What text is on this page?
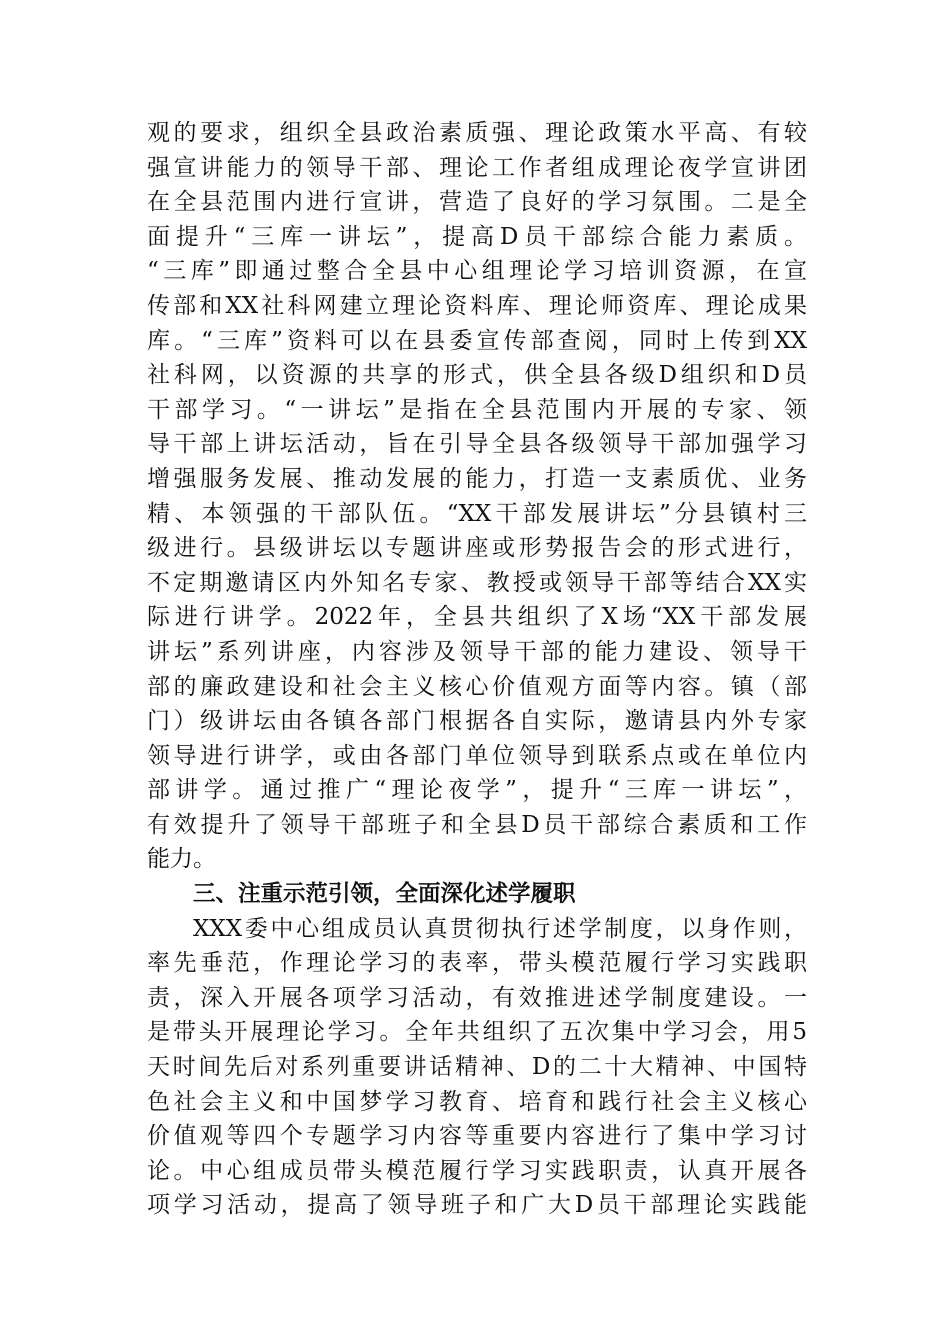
观的要求，组织全县政治素质强、理论政策水平高、有较
强宣讲能力的领导干部、理论工作者组成理论夜学宣讲团
在全县范围内进行宣讲，营造了良好的学习氛围。二是全
面提升“三库一讲坛”，提高D员干部综合能力素质。
“三库”即通过整合全县中心组理论学习培训资源，在宣
传部和XX社科网建立理论资料库、理论师资库、理论成果
库。“三库”资料可以在县委宣传部查阅，同时上传到XX
社科网，以资源的共享的形式，供全县各级D组织和D员
干部学习。“一讲坛”是指在全县范围内开展的专家、领
导干部上讲坛活动，旨在引导全县各级领导干部加强学习
增强服务发展、推动发展的能力，打造一支素质优、业务
精、本领强的干部队伍。“XX干部发展讲坛”分县镇村三
级进行。县级讲坛以专题讲座或形势报告会的形式进行，
不定期邀请区内外知名专家、教授或领导干部等结合XX实
际进行讲学。2022年，全县共组织了X场“XX干部发展
讲坛”系列讲座，内容涉及领导干部的能力建设、领导干
部的廉政建设和社会主义核心价值观方面等内容。镇（部
门）级讲坛由各镇各部门根据各自实际，邀请县内外专家
领导进行讲学，或由各部门单位领导到联系点或在单位内
部讲学。通过推广“理论夜学”，提升“三库一讲坛”，
有效提升了领导干部班子和全县D员干部综合素质和工作
能力。
三、注重示范引领，全面深化述学履职
XXX委中心组成员认真贯彻执行述学制度，以身作则，
率先垂范，作理论学习的表率，带头模范履行学习实践职
责，深入开展各项学习活动，有效推进述学制度建设。一
是带头开展理论学习。全年共组织了五次集中学习会，用5
天时间先后对系列重要讲话精神、D的二十大精神、中国特
色社会主义和中国梦学习教育、培育和践行社会主义核心
价值观等四个专题学习内容等重要内容进行了集中学习讨
论。中心组成员带头模范履行学习实践职责，认真开展各
项学习活动，提高了领导班子和广大D员干部理论实践能
